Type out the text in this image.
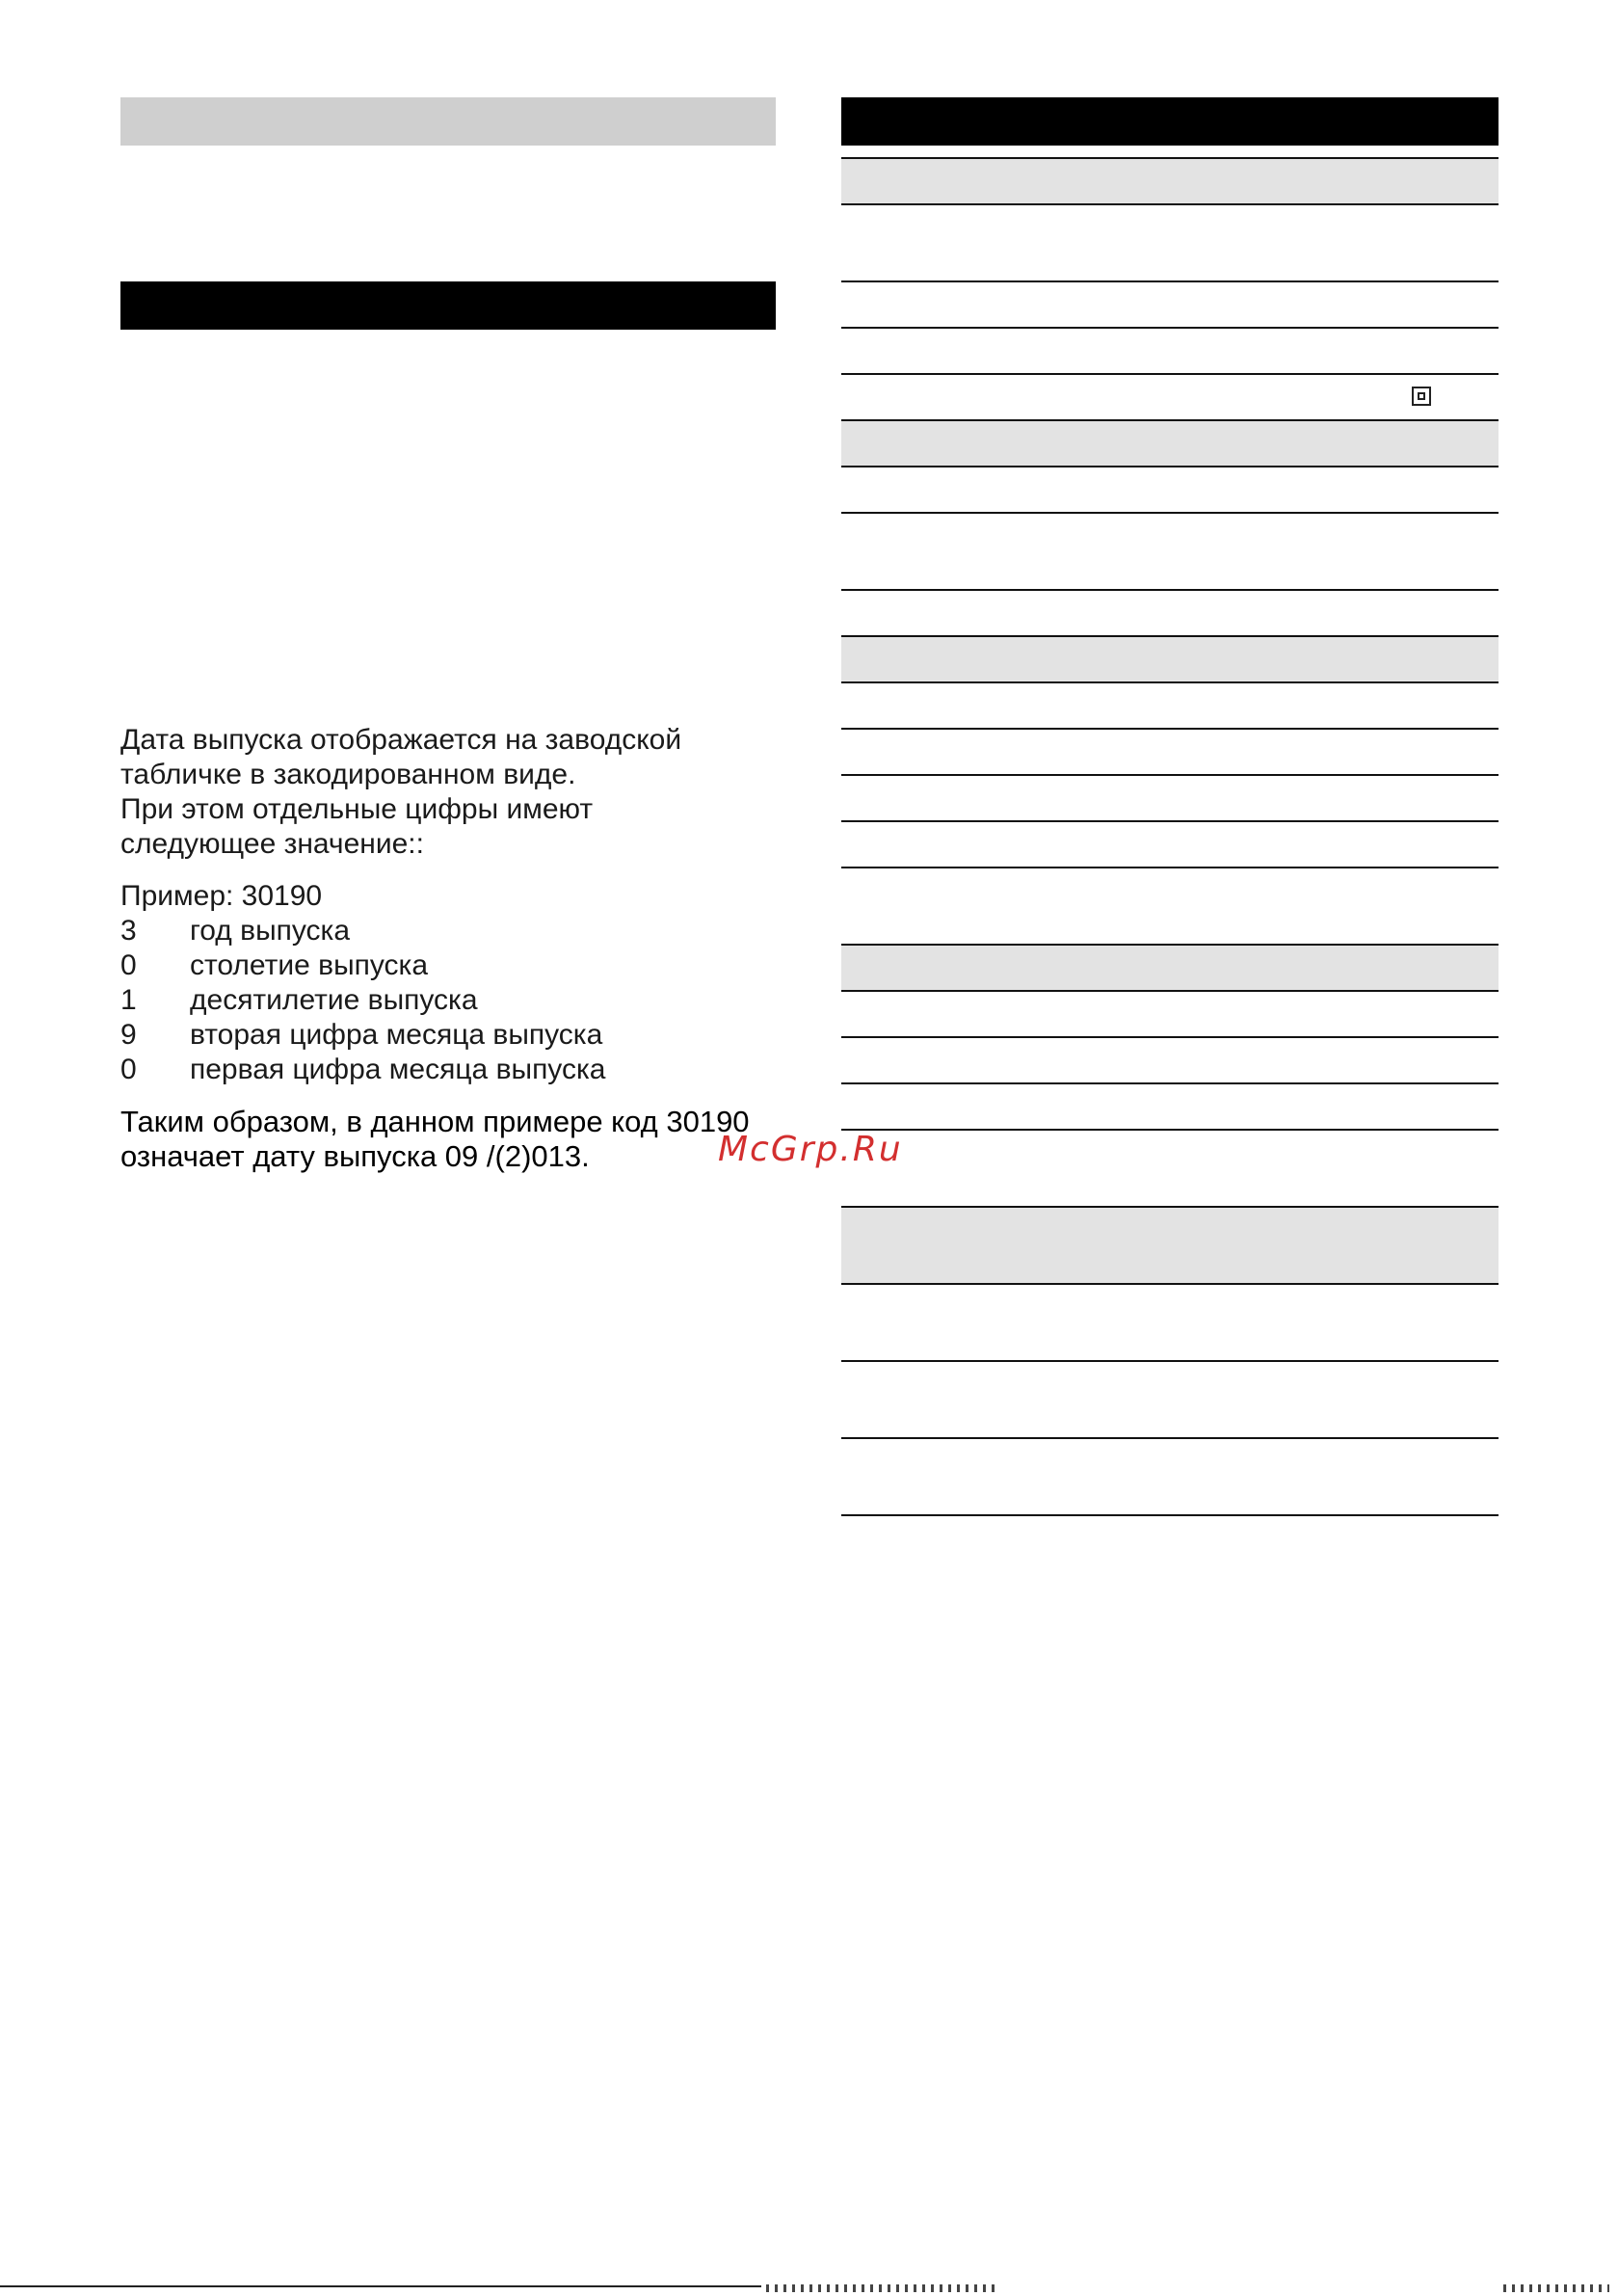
Дата выпуска отображается на заводской

табличке в закодированном виде.

При этом отдельные цифры имеют

следующее значение::

Пример: 30190

3	год выпуска
0	столетие выпуска
1	десятилетие выпуска
9	вторая цифра месяца выпуска
0	первая цифра месяца выпуска

Таким образом, в данном примере код 30190

означает дату выпуска 09 /(2)013.	McGrp.Ru
